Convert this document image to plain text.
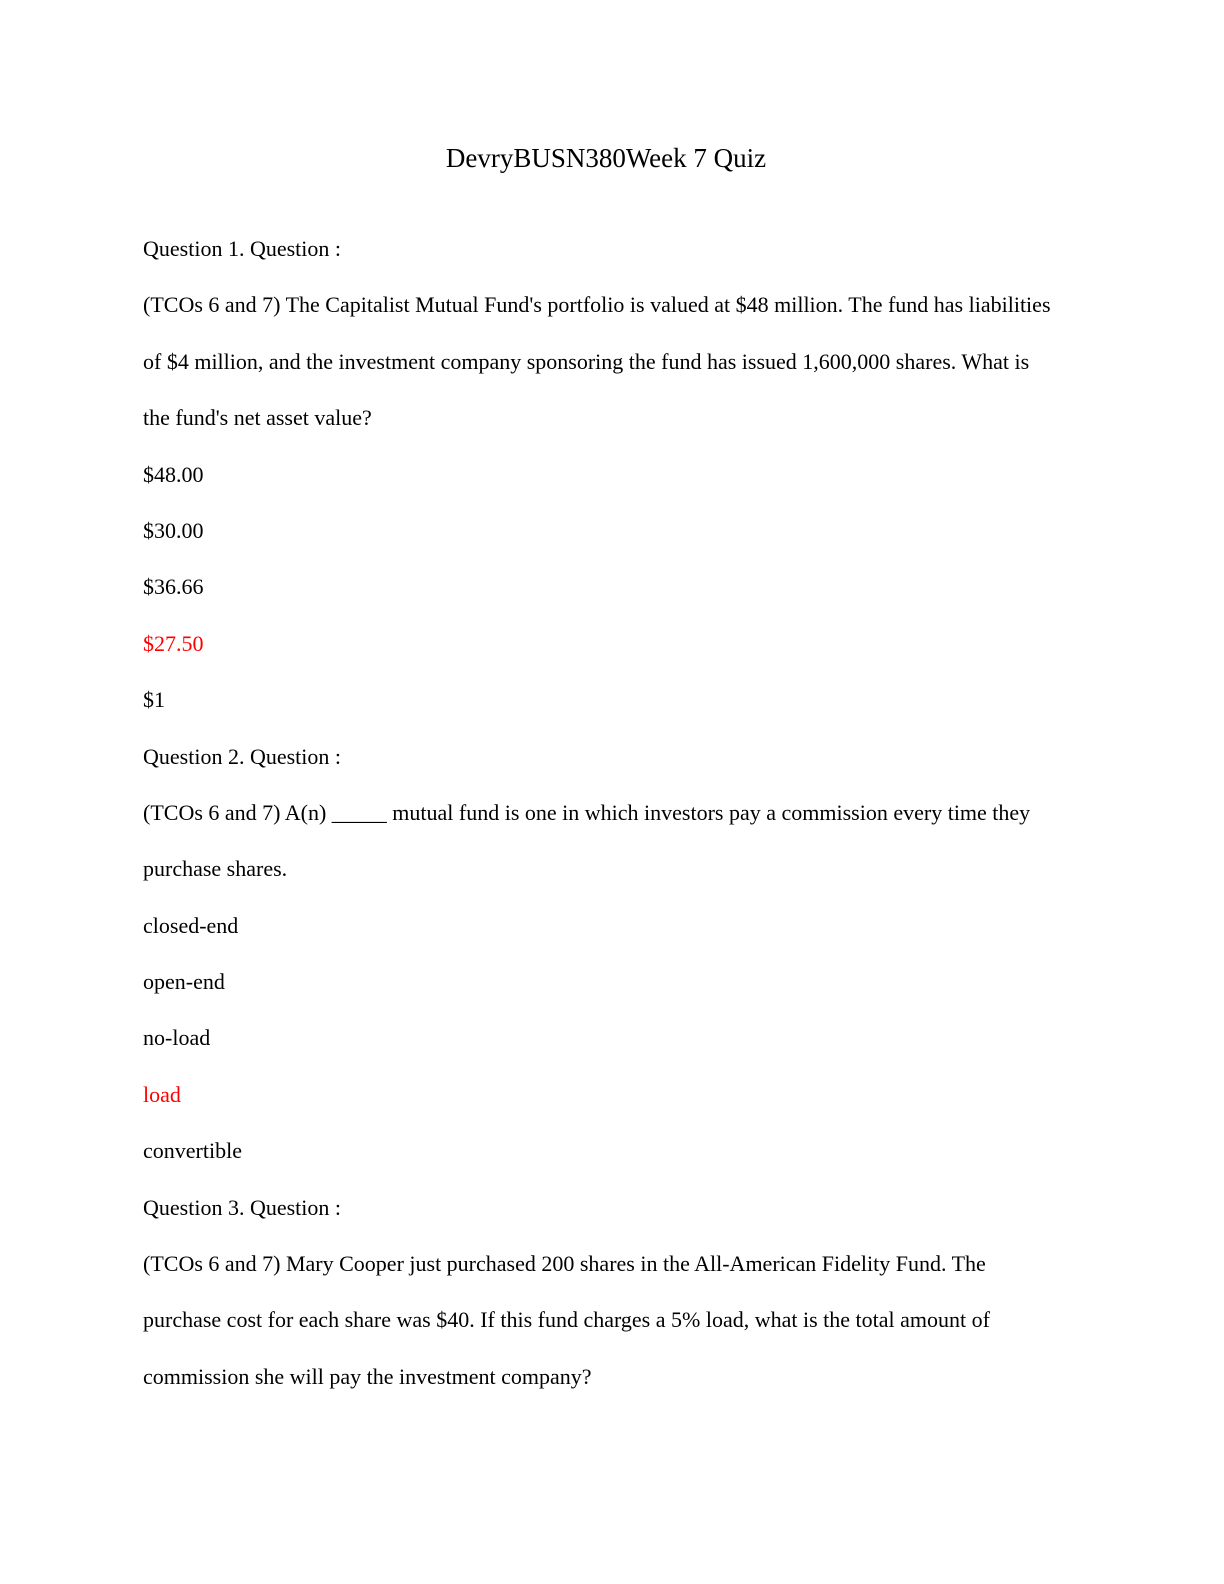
DevryBUSN380Week 7 Quiz
Question 1. Question :
(TCOs 6 and 7) The Capitalist Mutual Fund's portfolio is valued at $48 million. The fund has liabilities
of $4 million, and the investment company sponsoring the fund has issued 1,600,000 shares. What is
the fund's net asset value?
$48.00
$30.00
$36.66
$27.50
$1
Question 2. Question :
(TCOs 6 and 7) A(n) _____ mutual fund is one in which investors pay a commission every time they
purchase shares.
closed-end
open-end
no-load
load
convertible
Question 3. Question :
(TCOs 6 and 7) Mary Cooper just purchased 200 shares in the All-American Fidelity Fund. The
purchase cost for each share was $40. If this fund charges a 5% load, what is the total amount of
commission she will pay the investment company?
